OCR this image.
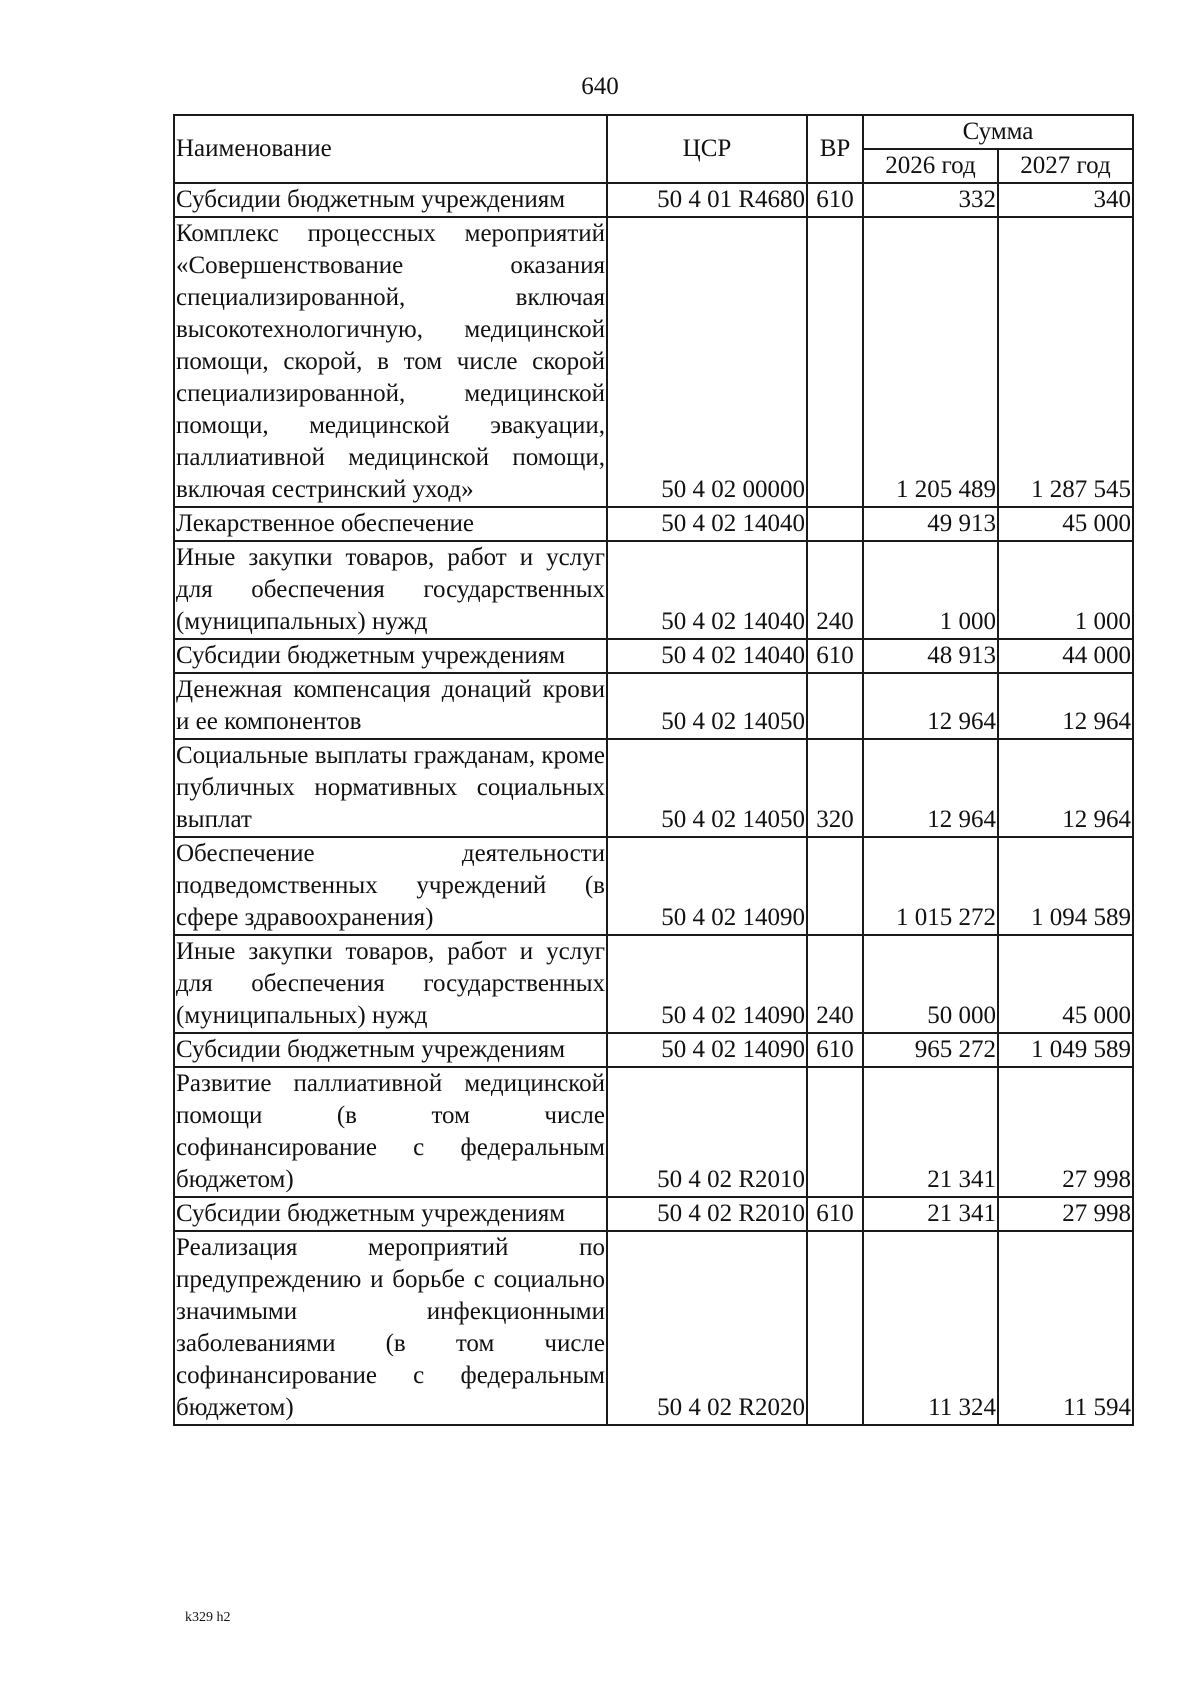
640
Наименование	ЦСР	ВР	Сумма	
			2026 год	2027 год
Субсидии бюджетным учреждениям	50 4 01 R4680	610	332	340
Комплекс процессных мероприятий «Совершенствование оказания специализированной, включая высокотехнологичную, медицинской помощи, скорой, в том числе скорой специализированной, медицинской помощи, медицинской эвакуации, паллиативной медицинской помощи, включая сестринский уход»	50 4 02 00000		1 205 489	1 287 545
Лекарственное обеспечение	50 4 02 14040		49 913	45 000
Иные закупки товаров, работ и услуг для обеспечения государственных (муниципальных) нужд	50 4 02 14040	240	1 000	1 000
Субсидии бюджетным учреждениям	50 4 02 14040	610	48 913	44 000
Денежная компенсация донаций крови и ее компонентов	50 4 02 14050		12 964	12 964
Социальные выплаты гражданам, кроме публичных нормативных социальных выплат	50 4 02 14050	320	12 964	12 964
Обеспечение деятельности подведомственных учреждений (в сфере здравоохранения)	50 4 02 14090		1 015 272	1 094 589
Иные закупки товаров, работ и услуг для обеспечения государственных (муниципальных) нужд	50 4 02 14090	240	50 000	45 000
Субсидии бюджетным учреждениям	50 4 02 14090	610	965 272	1 049 589
Развитие паллиативной медицинской помощи (в том числе софинансирование с федеральным бюджетом)	50 4 02 R2010		21 341	27 998
Субсидии бюджетным учреждениям	50 4 02 R2010	610	21 341	27 998
Реализация мероприятий по предупреждению и борьбе с социально значимыми инфекционными заболеваниями (в том числе софинансирование с федеральным бюджетом)	50 4 02 R2020		11 324	11 594
k329 h2
